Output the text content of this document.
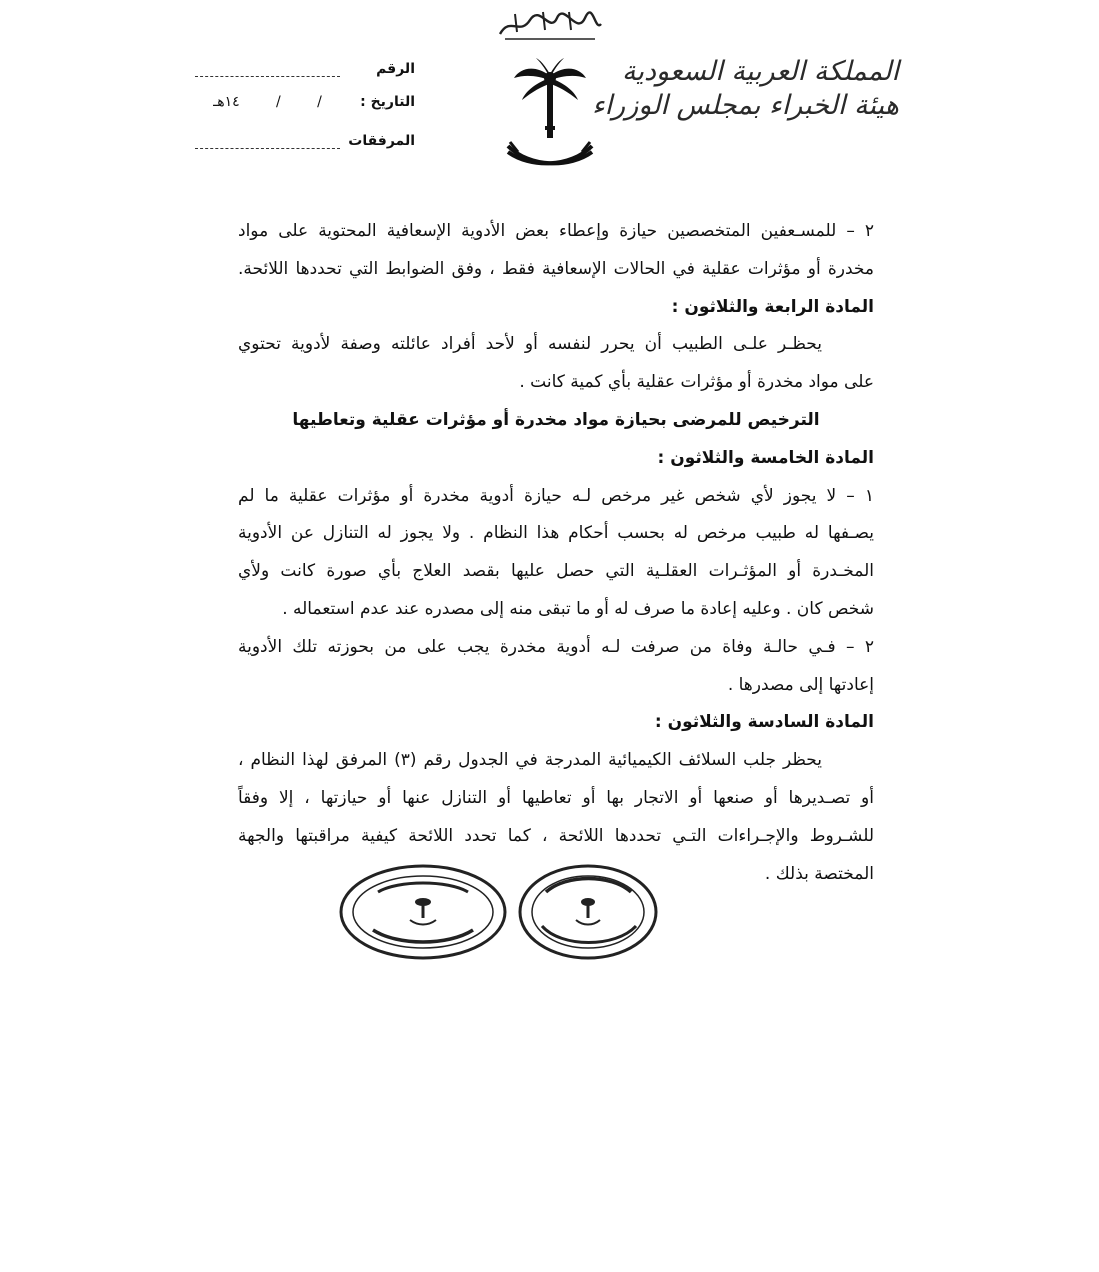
المملكة العربية السعودية
هيئة الخبراء بمجلس الوزراء
الرقم
التاريخ :
١٤هـ	/	/
المرفقات
٢ – للمسـعفين المتخصصين حيازة وإعطاء بعض الأدوية الإسعافية المحتوية على مواد
مخدرة أو مؤثرات عقلية في الحالات الإسعافية فقط ، وفق الضوابط التي تحددها اللائحة.
المادة الرابعة والثلاثون :
يحظـر علـى الطبيب أن يحرر لنفسه أو لأحد أفراد عائلته وصفة لأدوية تحتوي
على مواد مخدرة أو مؤثرات عقلية بأي كمية كانت .
الترخيص للمرضى بحيازة مواد مخدرة أو مؤثرات عقلية وتعاطيها
المادة الخامسة والثلاثون :
١ – لا يجوز لأي شخص غير مرخص لـه حيازة أدوية مخدرة أو مؤثرات عقلية ما لم
يصـفها له طبيب مرخص له بحسب أحكام هذا النظام . ولا يجوز له التنازل عن الأدوية
المخـدرة أو المؤثـرات العقلـية التي حصل عليها بقصد العلاج بأي صورة كانت ولأي
شخص كان . وعليه إعادة ما صرف له أو ما تبقى منه إلى مصدره عند عدم استعماله .
٢ – فـي حالـة وفاة من صرفت لـه أدوية مخدرة يجب على من بحوزته تلك الأدوية
إعادتها إلى مصدرها .
المادة السادسة والثلاثون :
يحظر جلب السلائف الكيميائية المدرجة في الجدول رقم (٣) المرفق لهذا النظام ،
أو تصـديرها أو صنعها أو الاتجار بها أو تعاطيها أو التنازل عنها أو حيازتها ، إلا وفقاً
للشـروط والإجـراءات التـي تحددها اللائحة ، كما تحدد اللائحة كيفية مراقبتها والجهة
المختصة بذلك .
